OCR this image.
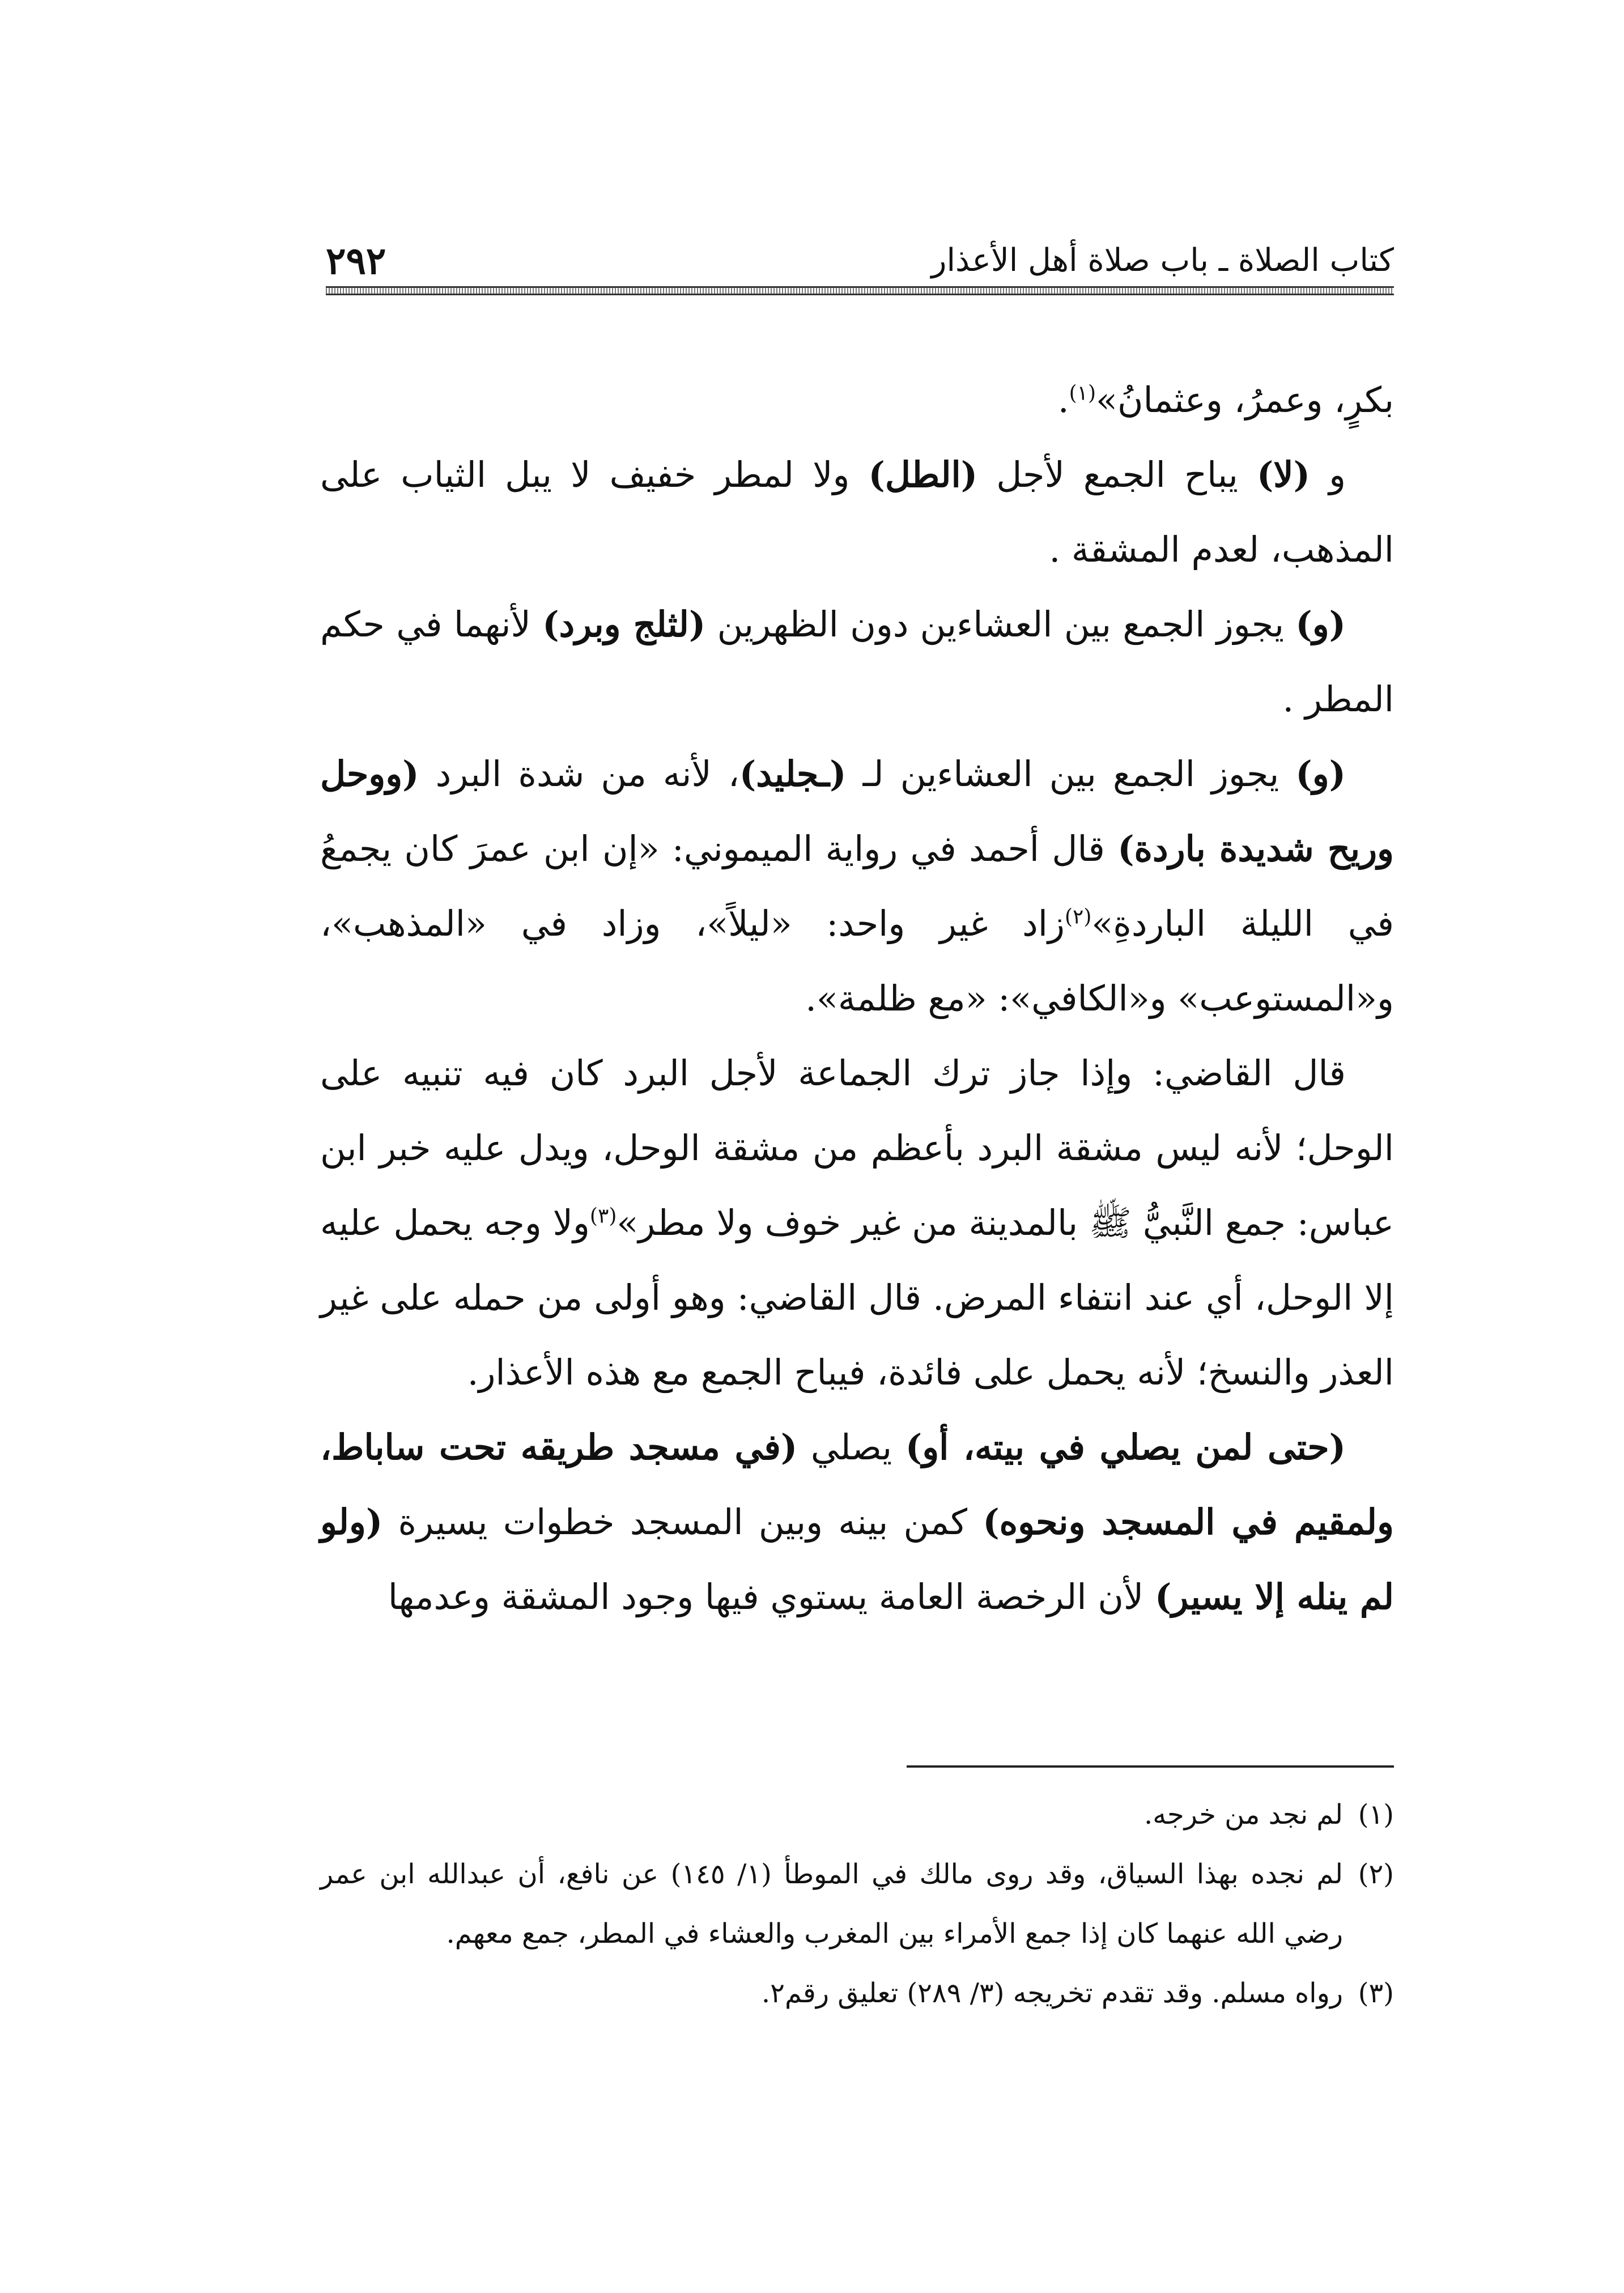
كتاب الصلاة ـ باب صلاة أهل الأعذار
٢٩٢

بكرٍ، وعمرُ، وعثمانُ»$^{(١)}$.

و (لا) يباح الجمع لأجل (الطل) ولا لمطر خفيف لا يبل الثياب على المذهب، لعدم المشقة .

(و) يجوز الجمع بين العشاءين دون الظهرين (لثلج وبرد) لأنهما في حكم المطر .

(و) يجوز الجمع بين العشاءين لـ (ـجليد)، لأنه من شدة البرد (ووحل وريح شديدة باردة) قال أحمد في رواية الميموني: «إن ابن عمرَ كان يجمعُ في الليلة الباردةِ»$^{(٢)}$زاد غير واحد: «ليلاً»، وزاد في «المذهب»، و«المستوعب» و«الكافي»: «مع ظلمة».

قال القاضي: وإذا جاز ترك الجماعة لأجل البرد كان فيه تنبيه على الوحل؛ لأنه ليس مشقة البرد بأعظم من مشقة الوحل، ويدل عليه خبر ابن عباس: جمع النَّبيُّ ﷺ بالمدينة من غير خوف ولا مطر»$^{(٣)}$ولا وجه يحمل عليه إلا الوحل، أي عند انتفاء المرض. قال القاضي: وهو أولى من حمله على غير العذر والنسخ؛ لأنه يحمل على فائدة، فيباح الجمع مع هذه الأعذار.

(حتى لمن يصلي في بيته، أو) يصلي (في مسجد طريقه تحت ساباط، ولمقيم في المسجد ونحوه) كمن بينه وبين المسجد خطوات يسيرة (ولو لم ينله إلا يسير) لأن الرخصة العامة يستوي فيها وجود المشقة وعدمها

(١)
لم نجد من خرجه.
(٢)
لم نجده بهذا السياق، وقد روى مالك في الموطأ (١/ ١٤٥) عن نافع، أن عبدالله ابن عمر رضي الله عنهما كان إذا جمع الأمراء بين المغرب والعشاء في المطر، جمع معهم.
(٣)
رواه مسلم. وقد تقدم تخريجه (٣/ ٢٨٩) تعليق رقم٢.
